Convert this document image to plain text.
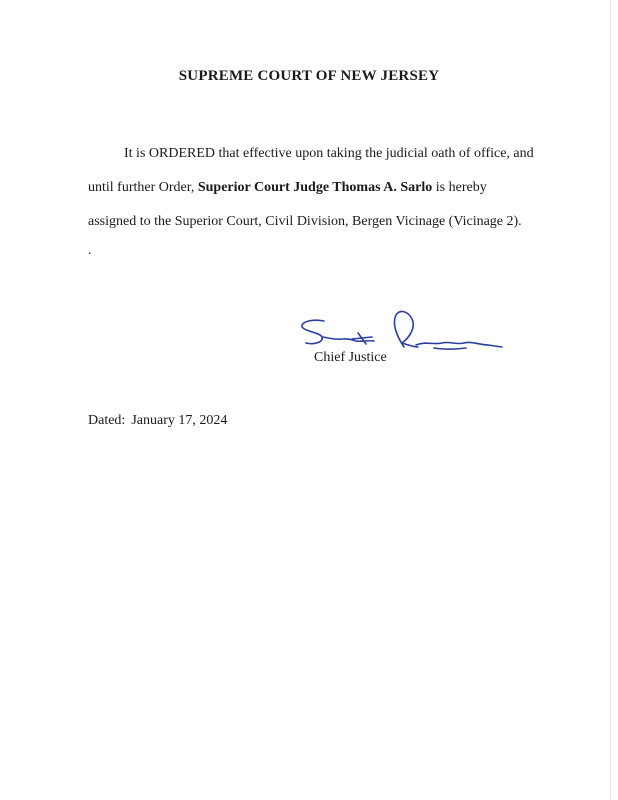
SUPREME COURT OF NEW JERSEY
It is ORDERED that effective upon taking the judicial oath of office, and
until further Order, Superior Court Judge Thomas A. Sarlo is hereby
assigned to the Superior Court, Civil Division, Bergen Vicinage (Vicinage 2).
.
Chief Justice
Dated: January 17, 2024
